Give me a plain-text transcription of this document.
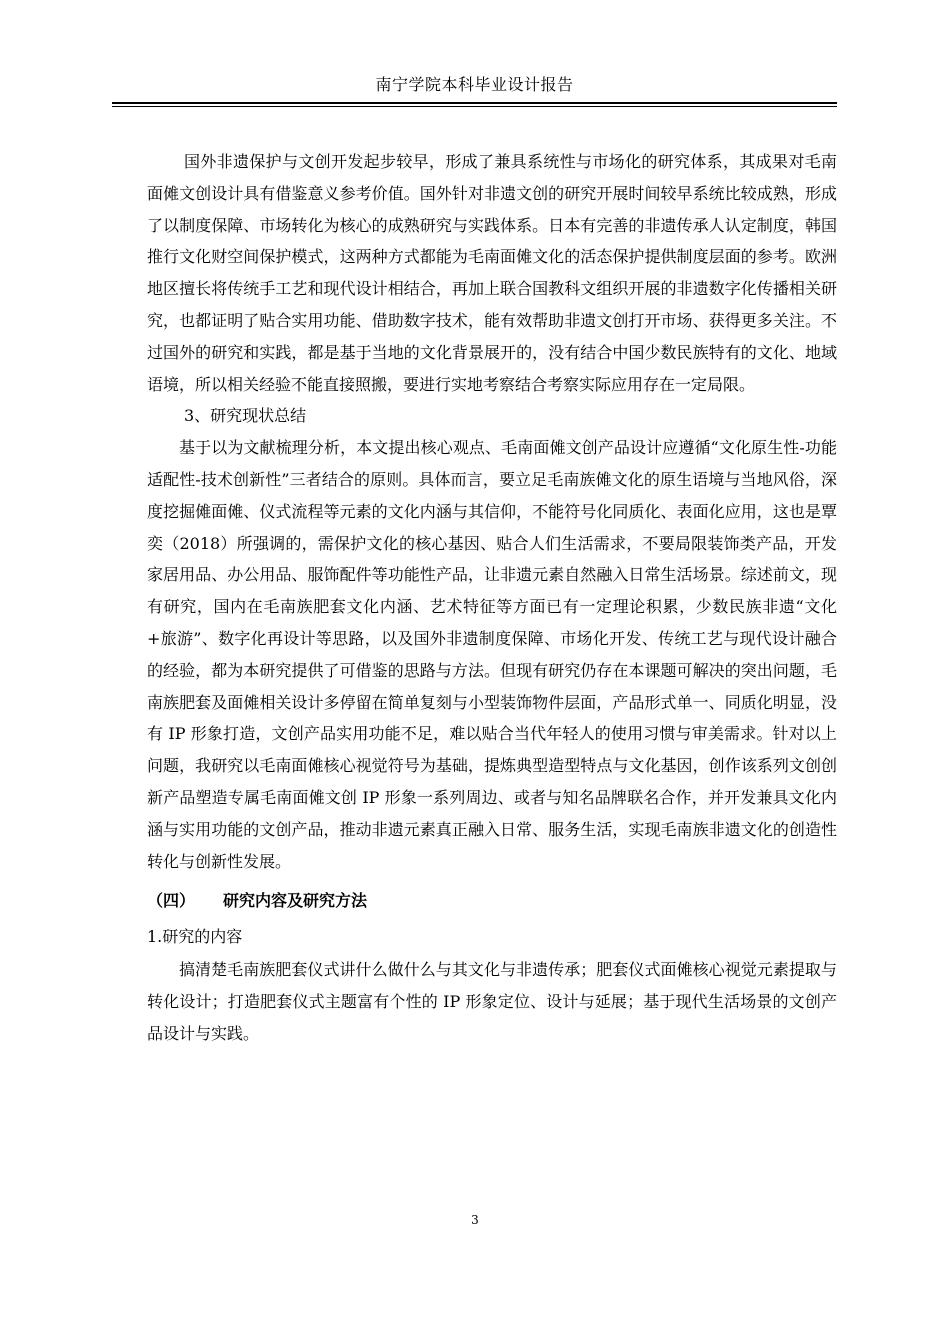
南宁学院本科毕业设计报告

国外非遗保护与文创开发起步较早，形成了兼具系统性与市场化的研究体系，其成果对毛南面傩文创设计具有借鉴意义参考价值。国外针对非遗文创的研究开展时间较早系统比较成熟，形成了以制度保障、市场转化为核心的成熟研究与实践体系。日本有完善的非遗传承人认定制度，韩国推行文化财空间保护模式，这两种方式都能为毛南面傩文化的活态保护提供制度层面的参考。欧洲地区擅长将传统手工艺和现代设计相结合，再加上联合国教科文组织开展的非遗数字化传播相关研究，也都证明了贴合实用功能、借助数字技术，能有效帮助非遗文创打开市场、获得更多关注。不过国外的研究和实践，都是基于当地的文化背景展开的，没有结合中国少数民族特有的文化、地域语境，所以相关经验不能直接照搬，要进行实地考察结合考察实际应用存在一定局限。

3、研究现状总结

基于以为文献梳理分析，本文提出核心观点、毛南面傩文创产品设计应遵循“文化原生性-功能适配性-技术创新性”三者结合的原则。具体而言，要立足毛南族傩文化的原生语境与当地风俗，深度挖掘傩面傩、仪式流程等元素的文化内涵与其信仰，不能符号化同质化、表面化应用，这也是覃奕（2018）所强调的，需保护文化的核心基因、贴合人们生活需求，不要局限装饰类产品，开发家居用品、办公用品、服饰配件等功能性产品，让非遗元素自然融入日常生活场景。综述前文，现有研究，国内在毛南族肥套文化内涵、艺术特征等方面已有一定理论积累，少数民族非遗“文化+旅游”、数字化再设计等思路，以及国外非遗制度保障、市场化开发、传统工艺与现代设计融合的经验，都为本研究提供了可借鉴的思路与方法。但现有研究仍存在本课题可解决的突出问题，毛南族肥套及面傩相关设计多停留在简单复刻与小型装饰物件层面，产品形式单一、同质化明显，没有 IP 形象打造，文创产品实用功能不足，难以贴合当代年轻人的使用习惯与审美需求。针对以上问题，我研究以毛南面傩核心视觉符号为基础，提炼典型造型特点与文化基因，创作该系列文创创新产品塑造专属毛南面傩文创 IP 形象一系列周边、或者与知名品牌联名合作，并开发兼具文化内涵与实用功能的文创产品，推动非遗元素真正融入日常、服务生活，实现毛南族非遗文化的创造性转化与创新性发展。

（四） 研究内容及研究方法

1.研究的内容

搞清楚毛南族肥套仪式讲什么做什么与其文化与非遗传承；肥套仪式面傩核心视觉元素提取与转化设计；打造肥套仪式主题富有个性的 IP 形象定位、设计与延展；基于现代生活场景的文创产品设计与实践。

3
